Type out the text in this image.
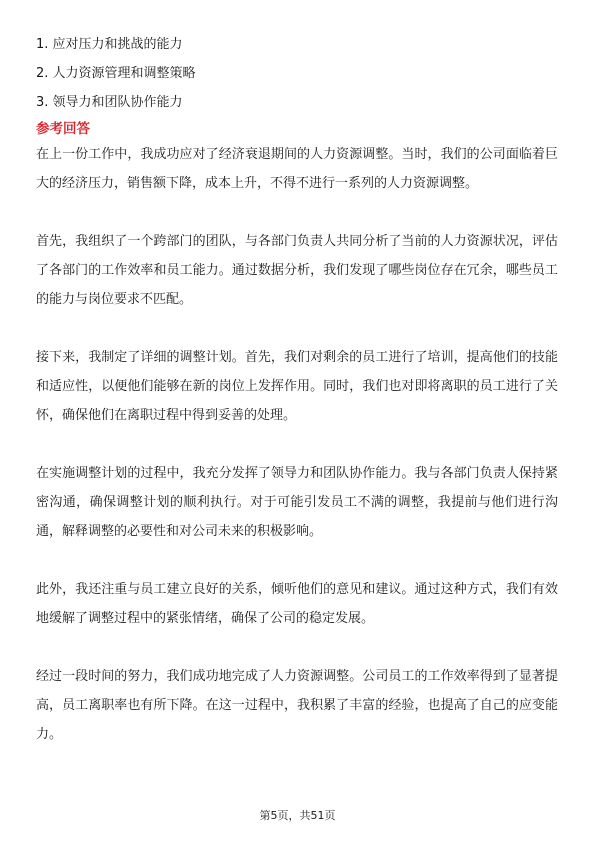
1. 应对压力和挑战的能力
2. 人力资源管理和调整策略
3. 领导力和团队协作能力
参考回答

在上一份工作中，我成功应对了经济衰退期间的人力资源调整。当时，我们的公司面临着巨大的经济压力，销售额下降，成本上升，不得不进行一系列的人力资源调整。

首先，我组织了一个跨部门的团队，与各部门负责人共同分析了当前的人力资源状况，评估了各部门的工作效率和员工能力。通过数据分析，我们发现了哪些岗位存在冗余，哪些员工的能力与岗位要求不匹配。

接下来，我制定了详细的调整计划。首先，我们对剩余的员工进行了培训，提高他们的技能和适应性，以便他们能够在新的岗位上发挥作用。同时，我们也对即将离职的员工进行了关怀，确保他们在离职过程中得到妥善的处理。

在实施调整计划的过程中，我充分发挥了领导力和团队协作能力。我与各部门负责人保持紧密沟通，确保调整计划的顺利执行。对于可能引发员工不满的调整，我提前与他们进行沟通，解释调整的必要性和对公司未来的积极影响。

此外，我还注重与员工建立良好的关系，倾听他们的意见和建议。通过这种方式，我们有效地缓解了调整过程中的紧张情绪，确保了公司的稳定发展。

经过一段时间的努力，我们成功地完成了人力资源调整。公司员工的工作效率得到了显著提高，员工离职率也有所下降。在这一过程中，我积累了丰富的经验，也提高了自己的应变能力。

第5页，共51页
